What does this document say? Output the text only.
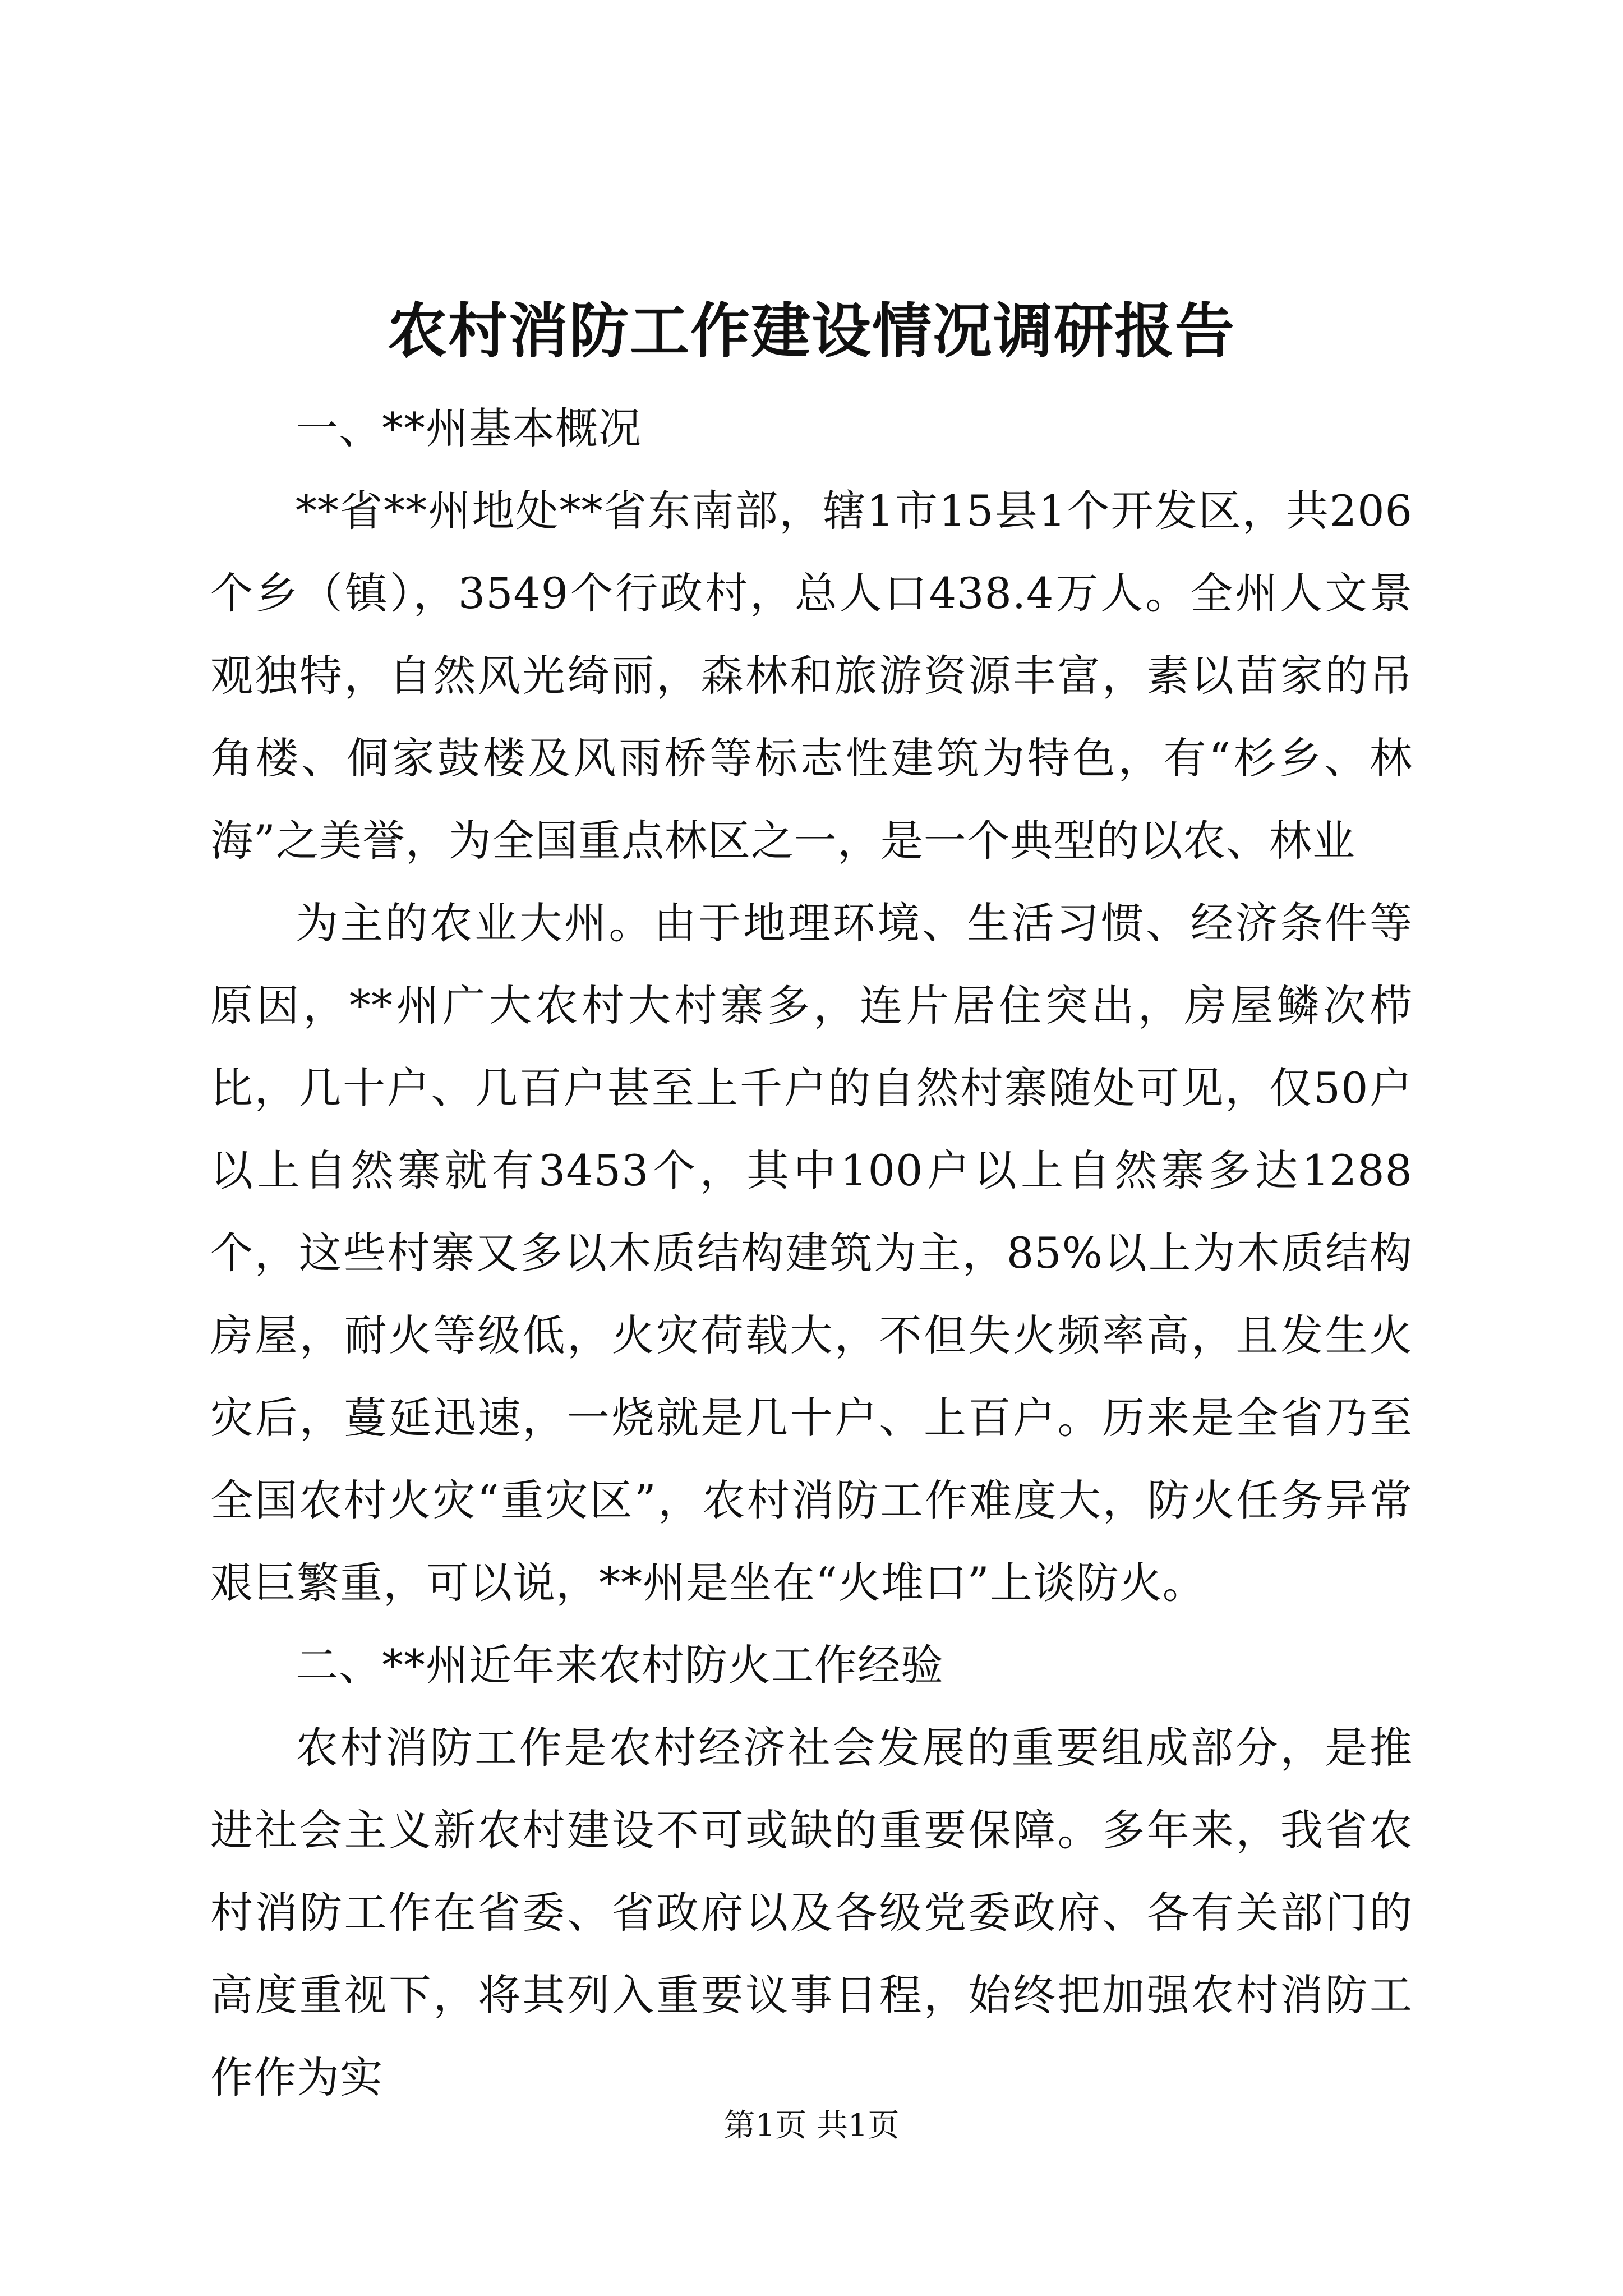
农村消防工作建设情况调研报告

一、**州基本概况

**省**州地处**省东南部，辖1市15县1个开发区，共206个乡（镇），3549个行政村，总人口438.4万人。全州人文景观独特，自然风光绮丽，森林和旅游资源丰富，素以苗家的吊角楼、侗家鼓楼及风雨桥等标志性建筑为特色，有“杉乡、林海”之美誉，为全国重点林区之一，是一个典型的以农、林业

为主的农业大州。由于地理环境、生活习惯、经济条件等原因，**州广大农村大村寨多，连片居住突出，房屋鳞次栉比，几十户、几百户甚至上千户的自然村寨随处可见，仅50户以上自然寨就有3453个，其中100户以上自然寨多达1288个，这些村寨又多以木质结构建筑为主，85%以上为木质结构房屋，耐火等级低，火灾荷载大，不但失火频率高，且发生火灾后，蔓延迅速，一烧就是几十户、上百户。历来是全省乃至全国农村火灾“重灾区”，农村消防工作难度大，防火任务异常艰巨繁重，可以说，**州是坐在“火堆口”上谈防火。

二、**州近年来农村防火工作经验

农村消防工作是农村经济社会发展的重要组成部分，是推进社会主义新农村建设不可或缺的重要保障。多年来，我省农村消防工作在省委、省政府以及各级党委政府、各有关部门的高度重视下，将其列入重要议事日程，始终把加强农村消防工作作为实

第1页 共1页
